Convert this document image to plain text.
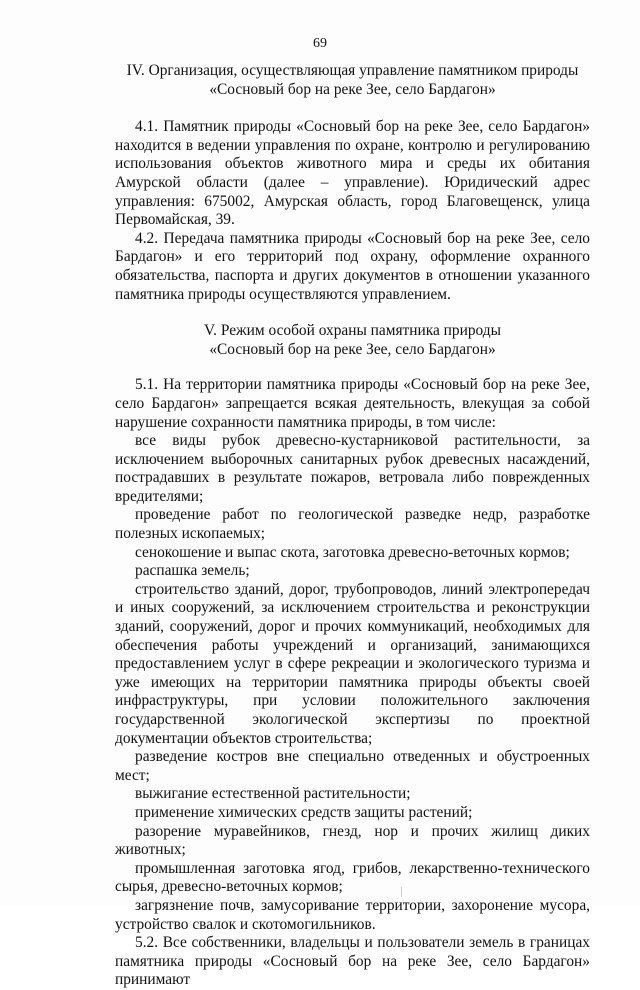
69
IV. Организация, осуществляющая управление памятником природы
«Сосновый бор на реке Зее, село Бардагон»

4.1. Памятник природы «Сосновый бор на реке Зее, село Бардагон» находится в ведении управления по охране, контролю и регулированию использования объектов животного мира и среды их обитания Амурской области (далее – управление). Юридический адрес управления: 675002, Амурская область, город Благовещенск, улица Первомайская, 39.

4.2. Передача памятника природы «Сосновый бор на реке Зее, село Бардагон» и его территорий под охрану, оформление охранного обязательства, паспорта и других документов в отношении указанного памятника природы осуществляются управлением.

V. Режим особой охраны памятника природы
«Сосновый бор на реке Зее, село Бардагон»

5.1. На территории памятника природы «Сосновый бор на реке Зее, село Бардагон» запрещается всякая деятельность, влекущая за собой нарушение сохранности памятника природы, в том числе:

все виды рубок древесно-кустарниковой растительности, за исключением выборочных санитарных рубок древесных насаждений, пострадавших в результате пожаров, ветровала либо поврежденных вредителями;

проведение работ по геологической разведке недр, разработке полезных ископаемых;

сенокошение и выпас скота, заготовка древесно-веточных кормов;

распашка земель;

строительство зданий, дорог, трубопроводов, линий электропередач и иных сооружений, за исключением строительства и реконструкции зданий, сооружений, дорог и прочих коммуникаций, необходимых для обеспечения работы учреждений и организаций, занимающихся предоставлением услуг в сфере рекреации и экологического туризма и уже имеющих на территории памятника природы объекты своей инфраструктуры, при условии положительного заключения государственной экологической экспертизы по проектной документации объектов строительства;

разведение костров вне специально отведенных и обустроенных мест;

выжигание естественной растительности;

применение химических средств защиты растений;

разорение муравейников, гнезд, нор и прочих жилищ диких животных;

промышленная заготовка ягод, грибов, лекарственно-технического сырья, древесно-веточных кормов;

загрязнение почв, замусоривание территории, захоронение мусора, устройство свалок и скотомогильников.

5.2. Все собственники, владельцы и пользователи земель в границах памятника природы «Сосновый бор на реке Зее, село Бардагон» принимают
